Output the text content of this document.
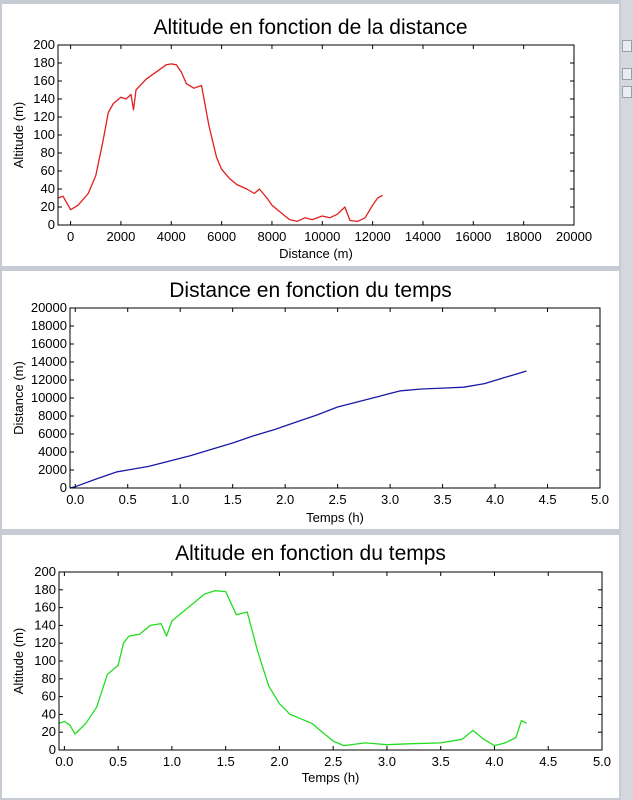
Altitude en fonction de la distance
0
20
40
60
80
100
120
140
160
180
200
0 2000 4000 6000 8000 10000 12000 14000 16000 18000 20000
Distance (m)
Altitude (m)
Distance en fonction du temps
0
2000
4000
6000
8000
10000
12000
14000
16000
18000
20000
0.0	0.5	1.0	1.5	2.0	2.5	3.0	3.5	4.0	4.5	5.0
Temps (h)
Distance (m)
Altitude en fonction du temps
0
20
40
60
80
100
120
140
160
180
200
0.0	0.5	1.0	1.5	2.0	2.5	3.0	3.5	4.0	4.5	5.0
Temps (h)
Altitude (m)
